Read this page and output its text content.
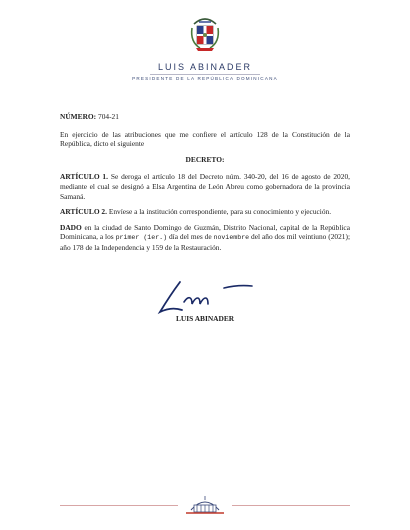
LUIS ABINADER
PRESIDENTE DE LA REPÚBLICA DOMINICANA

NÚMERO: 704-21

En ejercicio de las atribuciones que me confiere el artículo 128 de la Constitución de la República, dicto el siguiente

DECRETO:

ARTÍCULO 1. Se deroga el artículo 18 del Decreto núm. 340-20, del 16 de agosto de 2020, mediante el cual se designó a Elsa Argentina de León Abreu como gobernadora de la provincia Samaná.

ARTÍCULO 2. Envíese a la institución correspondiente, para su conocimiento y ejecución.

DADO en la ciudad de Santo Domingo de Guzmán, Distrito Nacional, capital de la República Dominicana, a los primer (1er.) día del mes de noviembre del año dos mil veintiuno (2021); año 178 de la Independencia y 159 de la Restauración.

LUIS ABINADER
